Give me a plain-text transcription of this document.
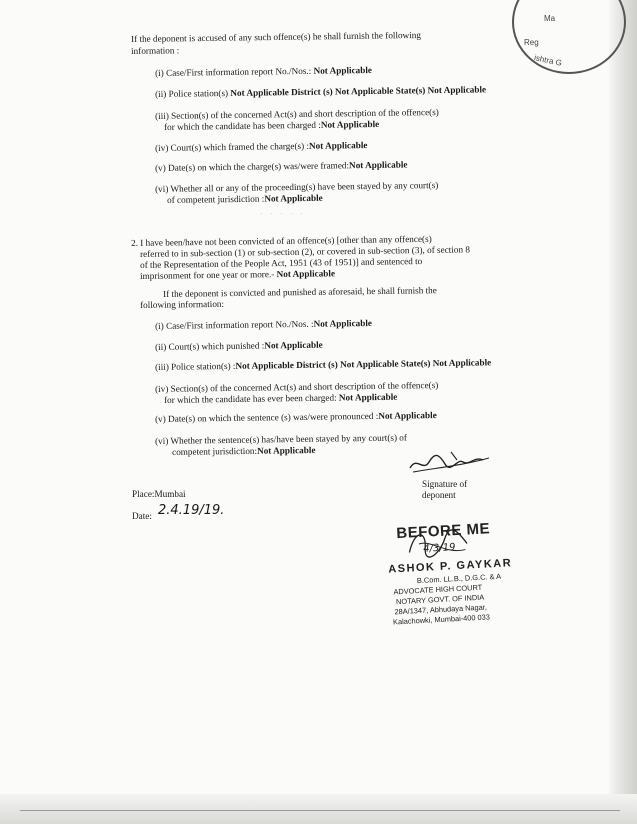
Ma
Reg
ishtra G
If the deponent is accused of any such offence(s) he shall furnish the following
information :
(i) Case/First information report No./Nos.: Not Applicable
(ii) Police station(s) Not Applicable District (s) Not Applicable State(s) Not Applicable
(iii) Section(s) of the concerned Act(s) and short description of the offence(s)
for which the candidate has been charged :Not Applicable
(iv) Court(s) which framed the charge(s) :Not Applicable
(v) Date(s) on which the charge(s) was/were framed:Not Applicable
(vi) Whether all or any of the proceeding(s) have been stayed by any court(s)
of competent jurisdiction :Not Applicable
· · · · ·
2. I have been/have not been convicted of an offence(s) [other than any offence(s)
referred to in sub-section (1) or sub-section (2), or covered in sub-section (3), of section 8
of the Representation of the People Act, 1951 (43 of 1951)] and sentenced to
imprisonment for one year or more.- Not Applicable
If the deponent is convicted and punished as aforesaid, he shall furnish the
following information:
(i) Case/First information report No./Nos. :Not Applicable
(ii) Court(s) which punished :Not Applicable
(iii) Police station(s) :Not Applicable District (s) Not Applicable State(s) Not Applicable
(iv) Section(s) of the concerned Act(s) and short description of the offence(s)
for which the candidate has ever been charged: Not Applicable
(v) Date(s) on which the sentence (s) was/were pronounced :Not Applicable
(vi) Whether the sentence(s) has/have been stayed by any court(s) of
competent jurisdiction:Not Applicable
Signature of
deponent
Place:Mumbai
Date: 2.4.19/19.
BEFORE ME
4/3/19
ASHOK P. GAYKAR
B.Com. LL.B., D.G.C. & A
ADVOCATE HIGH COURT
NOTARY GOVT. OF INDIA
28A/1347, Abhudaya Nagar,
Kalachowki, Mumbai-400 033
